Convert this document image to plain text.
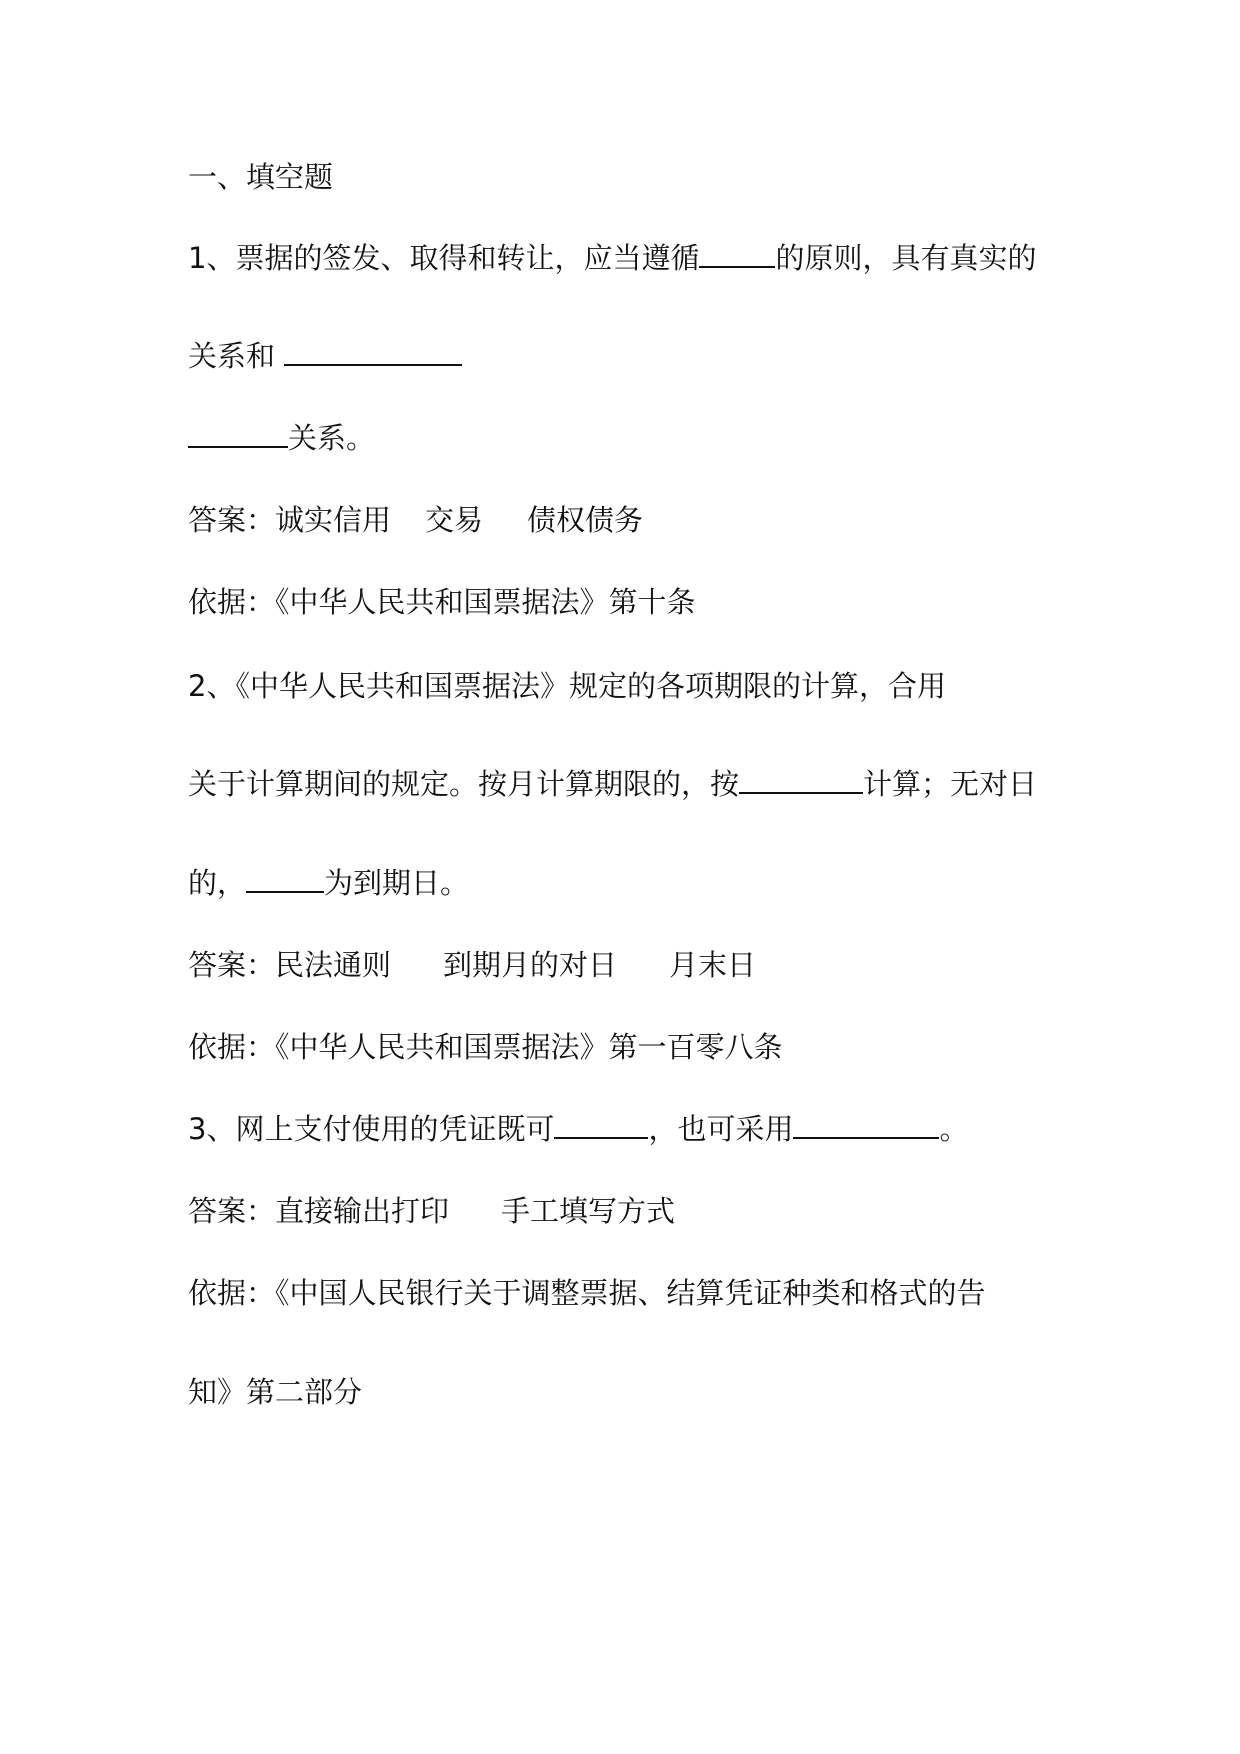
一、填空题
1、票据的签发、取得和转让，应当遵循	的原则，具有真实的
关系和
关系。
答案：诚实信用 交易 债权债务
依据：《中华人民共和国票据法》第十条
2、《中华人民共和国票据法》规定的各项期限的计算，合用
关于计算期间的规定。按月计算期限的，按	计算；无对日
的，	为到期日。
答案：民法通则 到期月的对日 月末日
依据：《中华人民共和国票据法》第一百零八条
3、网上支付使用的凭证既可	，也可采用	。
答案：直接输出打印 手工填写方式
依据：《中国人民银行关于调整票据、结算凭证种类和格式的告
知》第二部分
